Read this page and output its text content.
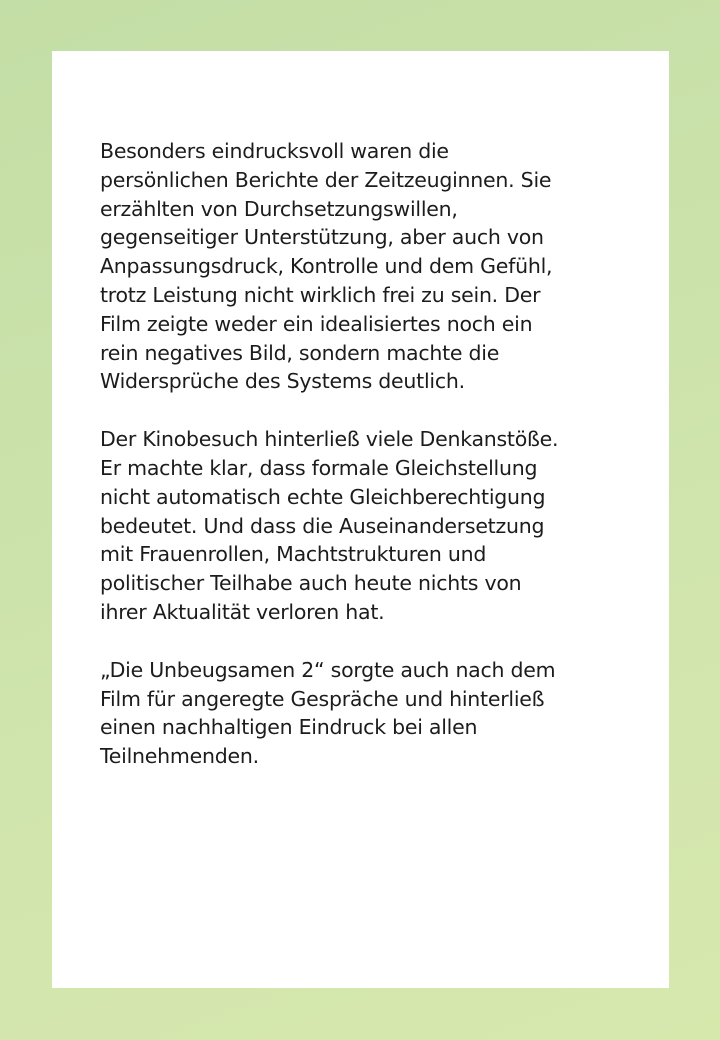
Besonders eindrucksvoll waren die
persönlichen Berichte der Zeitzeuginnen. Sie
erzählten von Durchsetzungswillen,
gegenseitiger Unterstützung, aber auch von
Anpassungsdruck, Kontrolle und dem Gefühl,
trotz Leistung nicht wirklich frei zu sein. Der
Film zeigte weder ein idealisiertes noch ein
rein negatives Bild, sondern machte die
Widersprüche des Systems deutlich.

Der Kinobesuch hinterließ viele Denkanstöße.
Er machte klar, dass formale Gleichstellung
nicht automatisch echte Gleichberechtigung
bedeutet. Und dass die Auseinandersetzung
mit Frauenrollen, Machtstrukturen und
politischer Teilhabe auch heute nichts von
ihrer Aktualität verloren hat.

„Die Unbeugsamen 2“ sorgte auch nach dem
Film für angeregte Gespräche und hinterließ
einen nachhaltigen Eindruck bei allen
Teilnehmenden.
